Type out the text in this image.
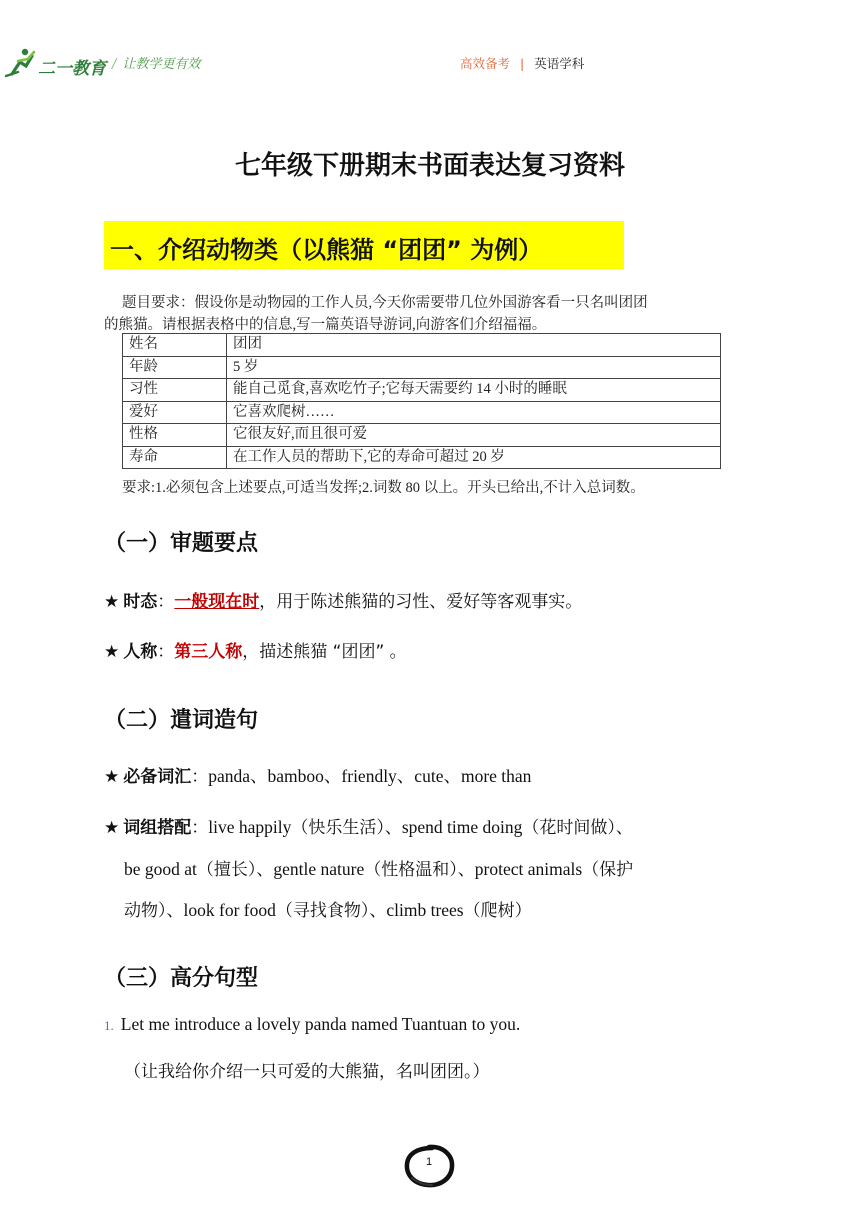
二一教育 / 让教学更有效	高效备考 | 英语学科
七年级下册期末书面表达复习资料
一、介绍动物类（以熊猫 “团团” 为例）
题目要求：假设你是动物园的工作人员,今天你需要带几位外国游客看一只名叫团团
的熊猫。请根据表格中的信息,写一篇英语导游词,向游客们介绍福福。
姓名	团团
年龄	5 岁
习性	能自己觅食,喜欢吃竹子;它每天需要约 14 小时的睡眠
爱好	它喜欢爬树……
性格	它很友好,而且很可爱
寿命	在工作人员的帮助下,它的寿命可超过 20 岁
要求:1.必须包含上述要点,可适当发挥;2.词数 80 以上。开头已给出,不计入总词数。
（一）审题要点
★ 时态：一般现在时，用于陈述熊猫的习性、爱好等客观事实。
★ 人称：第三人称，描述熊猫 “团团” 。
（二）遣词造句
★ 必备词汇：panda、bamboo、friendly、cute、more than
★ 词组搭配：live happily（快乐生活）、spend time doing（花时间做）、
be good at（擅长）、gentle nature（性格温和）、protect animals（保护
动物）、look for food（寻找食物）、climb trees（爬树）
（三）高分句型
1. Let me introduce a lovely panda named Tuantuan to you.
（让我给你介绍一只可爱的大熊猫，名叫团团。）
1
